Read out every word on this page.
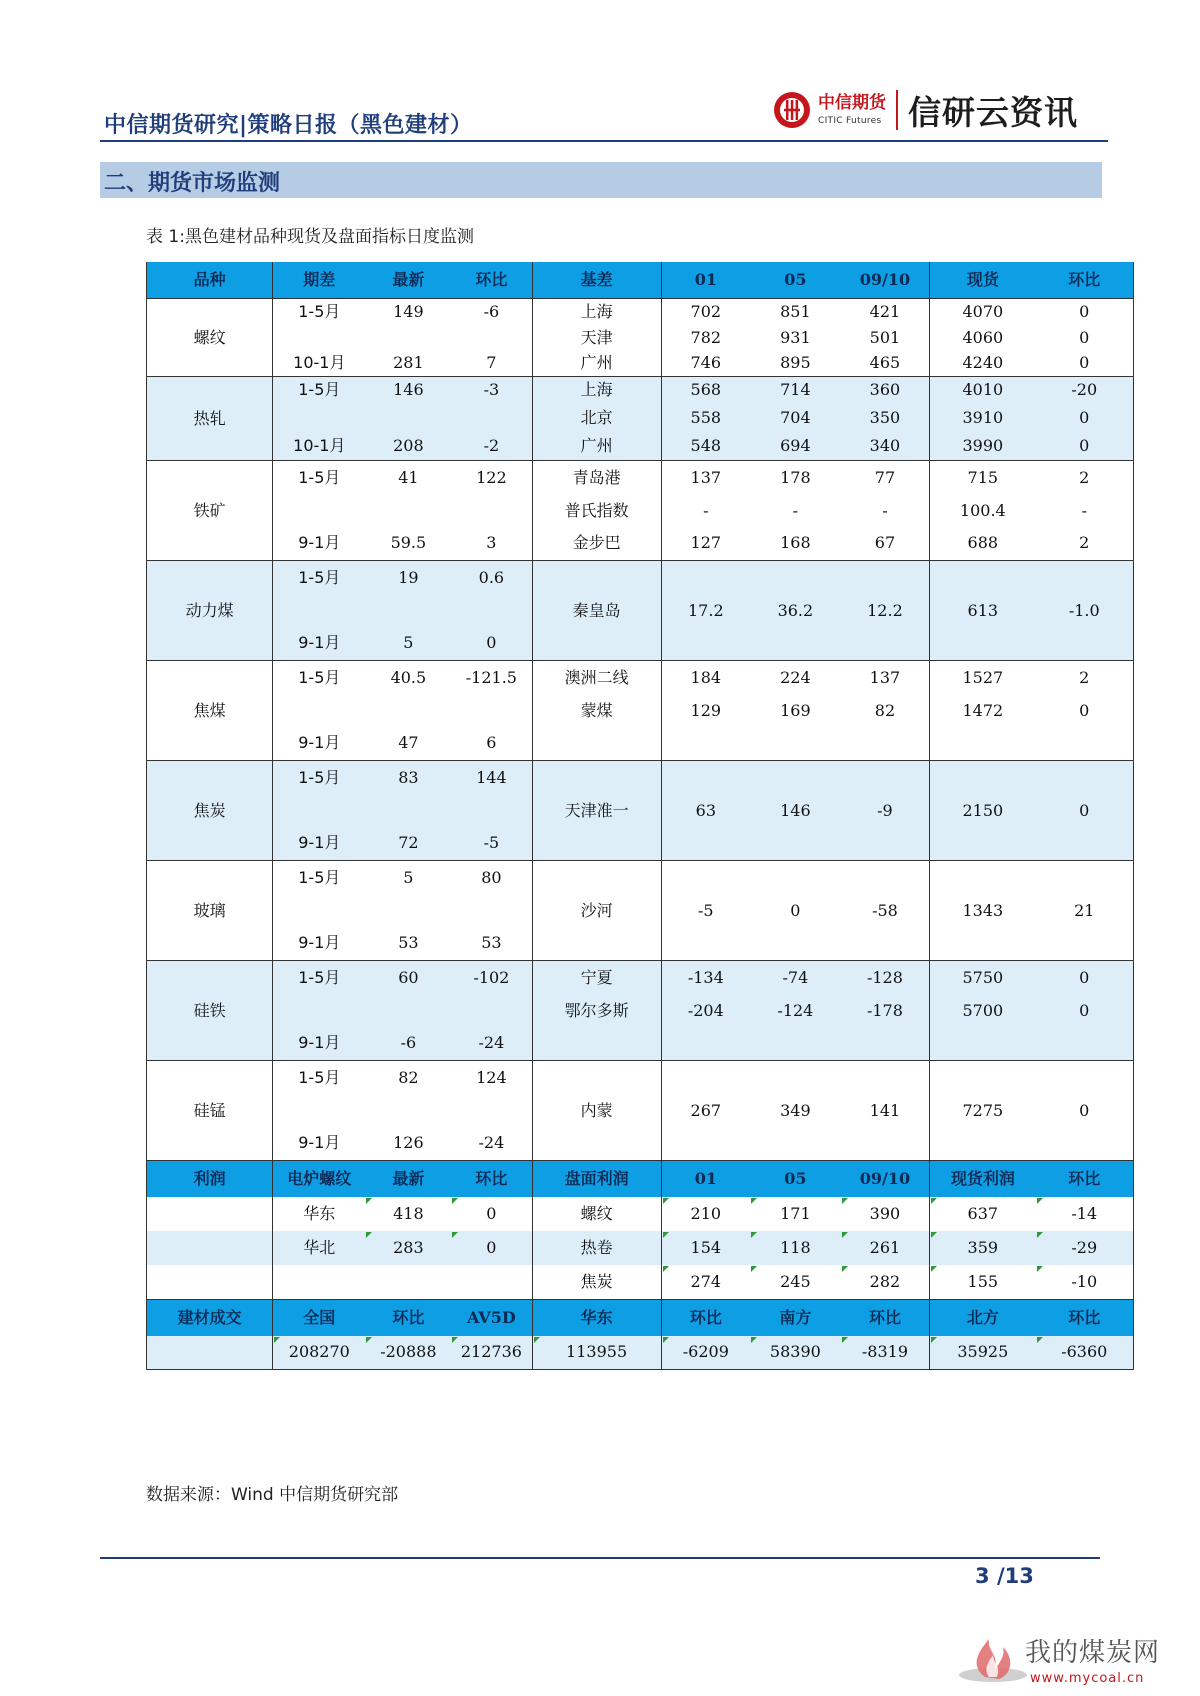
中信期货研究|策略日报（黑色建材）
中信期货
CITIC Futures 信研云资讯
二、期货市场监测
表 1:黑色建材品种现货及盘面指标日度监测
品种	期差	最新	环比	基差	01	05	09/10	现货	环比
螺纹	1-5月	149	-6	上海	702	851	421	4070	0
				天津	782	931	501	4060	0
	10-1月	281	7	广州	746	895	465	4240	0
热轧	1-5月	146	-3	上海	568	714	360	4010	-20
				北京	558	704	350	3910	0
	10-1月	208	-2	广州	548	694	340	3990	0
铁矿	1-5月	41	122	青岛港	137	178	77	715	2
				普氏指数	-	-	-	100.4	-
	9-1月	59.5	3	金步巴	127	168	67	688	2
动力煤	1-5月	19	0.6						
				秦皇岛	17.2	36.2	12.2	613	-1.0
	9-1月	5	0						
焦煤	1-5月	40.5	-121.5	澳洲二线	184	224	137	1527	2
				蒙煤	129	169	82	1472	0
	9-1月	47	6						
焦炭	1-5月	83	144						
				天津准一	63	146	-9	2150	0
	9-1月	72	-5						
玻璃	1-5月	5	80						
				沙河	-5	0	-58	1343	21
	9-1月	53	53						
硅铁	1-5月	60	-102	宁夏	-134	-74	-128	5750	0
				鄂尔多斯	-204	-124	-178	5700	0
	9-1月	-6	-24						
硅锰	1-5月	82	124						
				内蒙	267	349	141	7275	0
	9-1月	126	-24						
利润	电炉螺纹	最新	环比	盘面利润	01	05	09/10	现货利润	环比
	华东	418	0	螺纹	210	171	390	637	-14
	华北	283	0	热卷	154	118	261	359	-29
				焦炭	274	245	282	155	-10
建材成交	全国	环比	AV5D	华东	环比	南方	环比	北方	环比
	208270	-20888	212736	113955	-6209	58390	-8319	35925	-6360
数据来源：Wind 中信期货研究部
3 /13
我的煤炭网
www.mycoal.cn
